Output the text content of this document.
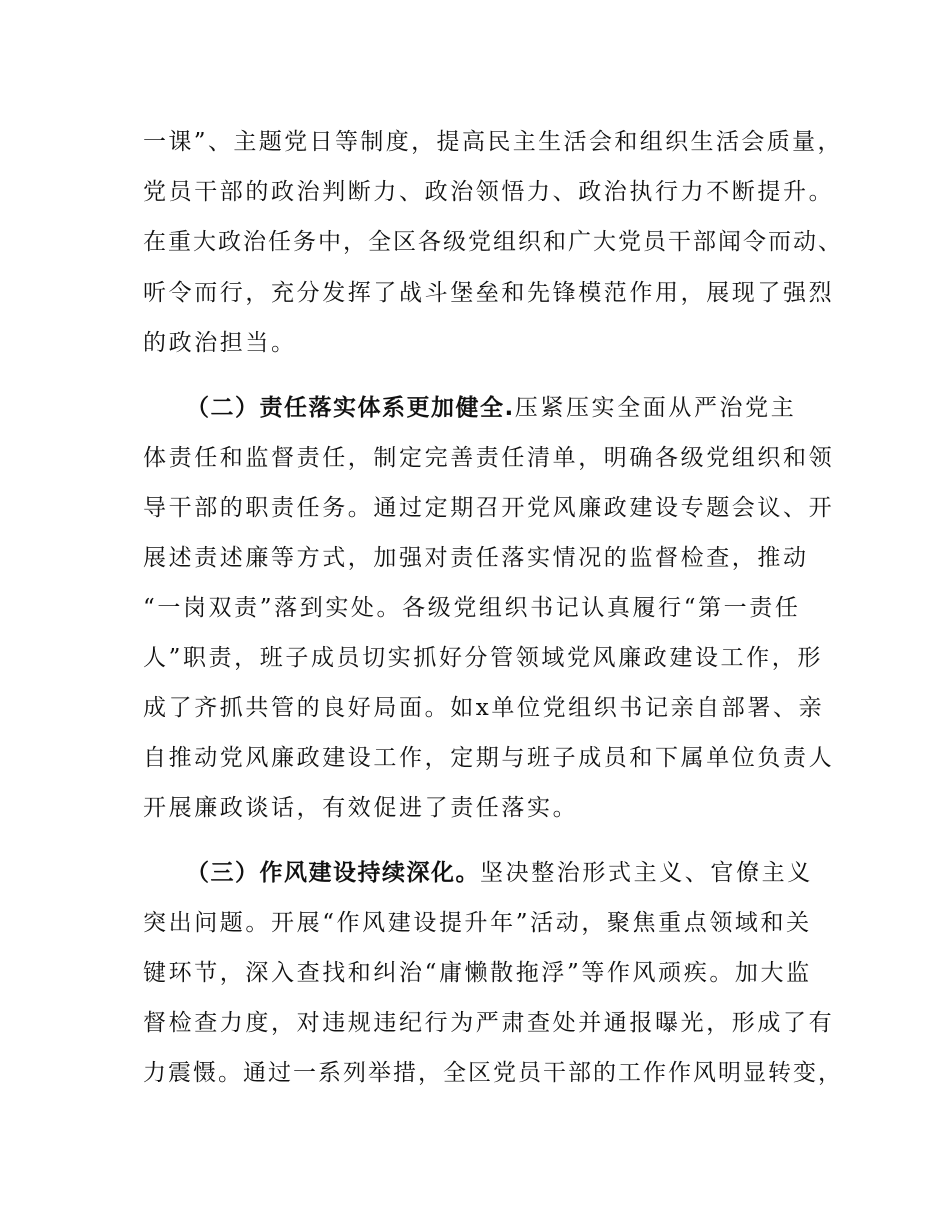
一课”、主题党日等制度，提高民主生活会和组织生活会质量，
党员干部的政治判断力、政治领悟力、政治执行力不断提升。
在重大政治任务中，全区各级党组织和广大党员干部闻令而动、
听令而行，充分发挥了战斗堡垒和先锋模范作用，展现了强烈
的政治担当。
（二）责任落实体系更加健全.压紧压实全面从严治党主
体责任和监督责任，制定完善责任清单，明确各级党组织和领
导干部的职责任务。通过定期召开党风廉政建设专题会议、开
展述责述廉等方式，加强对责任落实情况的监督检查，推动
“一岗双责”落到实处。各级党组织书记认真履行“第一责任
人”职责，班子成员切实抓好分管领域党风廉政建设工作，形
成了齐抓共管的良好局面。如x单位党组织书记亲自部署、亲
自推动党风廉政建设工作，定期与班子成员和下属单位负责人
开展廉政谈话，有效促进了责任落实。
（三）作风建设持续深化。坚决整治形式主义、官僚主义
突出问题。开展“作风建设提升年”活动，聚焦重点领域和关
键环节，深入查找和纠治“庸懒散拖浮”等作风顽疾。加大监
督检查力度，对违规违纪行为严肃查处并通报曝光，形成了有
力震慑。通过一系列举措，全区党员干部的工作作风明显转变，
